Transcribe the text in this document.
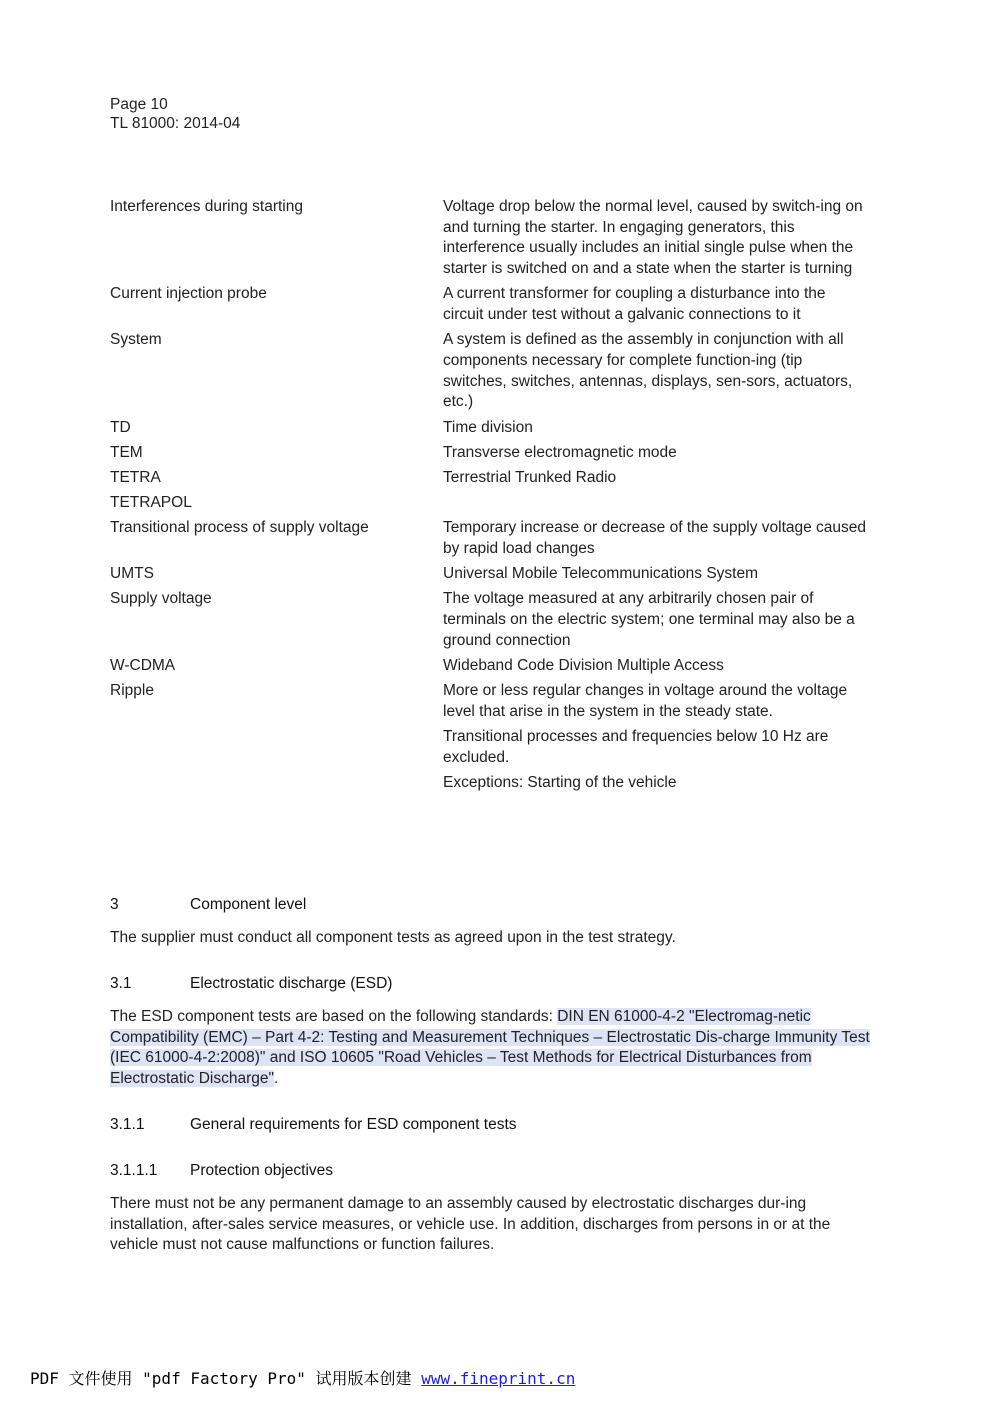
Page 10
TL 81000: 2014-04
Interferences during starting	Voltage drop below the normal level, caused by switch-ing on and turning the starter. In engaging generators, this interference usually includes an initial single pulse when the starter is switched on and a state when the starter is turning

Current injection probe	A current transformer for coupling a disturbance into the circuit under test without a galvanic connections to it

System	A system is defined as the assembly in conjunction with all components necessary for complete function-ing (tip switches, switches, antennas, displays, sen-sors, actuators, etc.)

TD	Time division

TEM	Transverse electromagnetic mode

TETRA	Terrestrial Trunked Radio

TETRAPOL

Transitional process of supply voltage	Temporary increase or decrease of the supply voltage caused by rapid load changes

UMTS	Universal Mobile Telecommunications System

Supply voltage	The voltage measured at any arbitrarily chosen pair of terminals on the electric system; one terminal may also be a ground connection

W-CDMA	Wideband Code Division Multiple Access

Ripple	More or less regular changes in voltage around the voltage level that arise in the system in the steady state.

Transitional processes and frequencies below 10 Hz are excluded.

Exceptions: Starting of the vehicle

3	Component level
The supplier must conduct all component tests as agreed upon in the test strategy.
3.1	Electrostatic discharge (ESD)
The ESD component tests are based on the following standards: DIN EN 61000-4-2 "Electromag-netic Compatibility (EMC) – Part 4-2: Testing and Measurement Techniques – Electrostatic Dis-charge Immunity Test (IEC 61000-4-2:2008)" and ISO 10605 "Road Vehicles – Test Methods for Electrical Disturbances from Electrostatic Discharge".
3.1.1	General requirements for ESD component tests
3.1.1.1	Protection objectives
There must not be any permanent damage to an assembly caused by electrostatic discharges dur-ing installation, after-sales service measures, or vehicle use. In addition, discharges from persons in or at the vehicle must not cause malfunctions or function failures.
PDF 文件使用 "pdf Factory Pro" 试用版本创建 www.fineprint.cn
